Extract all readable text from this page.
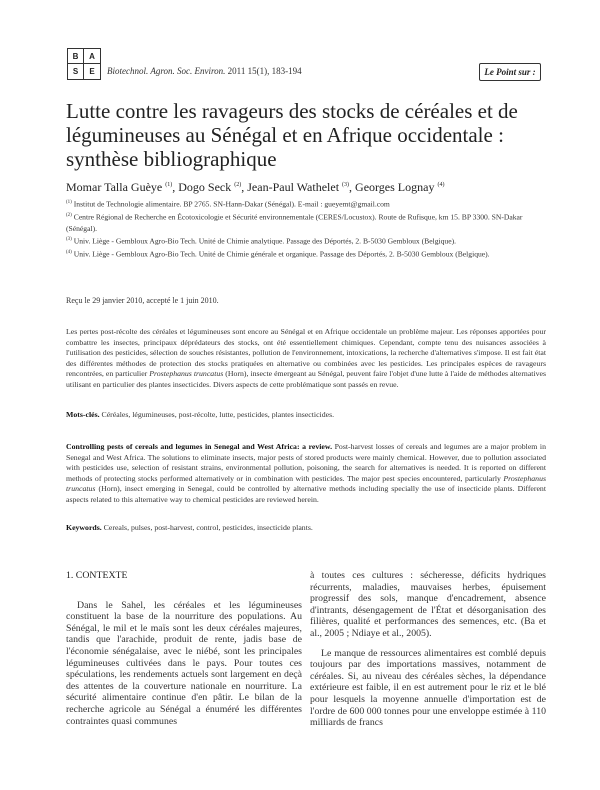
B	A
S	E	Biotechnol. Agron. Soc. Environ. 2011 15(1), 183-194	Le Point sur :
Lutte contre les ravageurs des stocks de céréales et de légumineuses au Sénégal et en Afrique occidentale : synthèse bibliographique
Momar Talla Guèye $^{(1)}$, Dogo Seck $^{(2)}$, Jean-Paul Wathelet $^{(3)}$, Georges Lognay $^{(4)}$

$^{(1)}$ Institut de Technologie alimentaire. BP 2765. SN-Hann-Dakar (Sénégal). E-mail : gueyemt@gmail.com

$^{(2)}$ Centre Régional de Recherche en Écotoxicologie et Sécurité environnementale (CERES/Locustox). Route de Rufisque, km 15. BP 3300. SN-Dakar (Sénégal).

$^{(3)}$ Univ. Liège - Gembloux Agro-Bio Tech. Unité de Chimie analytique. Passage des Déportés, 2. B-5030 Gembloux (Belgique).

$^{(4)}$ Univ. Liège - Gembloux Agro-Bio Tech. Unité de Chimie générale et organique. Passage des Déportés, 2. B-5030 Gembloux (Belgique).

Reçu le 29 janvier 2010, accepté le 1 juin 2010.

Les pertes post-récolte des céréales et légumineuses sont encore au Sénégal et en Afrique occidentale un problème majeur. Les réponses apportées pour combattre les insectes, principaux déprédateurs des stocks, ont été essentiellement chimiques. Cependant, compte tenu des nuisances associées à l'utilisation des pesticides, sélection de souches résistantes, pollution de l'environnement, intoxications, la recherche d'alternatives s'impose. Il est fait état des différentes méthodes de protection des stocks pratiquées en alternative ou combinées avec les pesticides. Les principales espèces de ravageurs rencontrées, en particulier Prostephanus truncatus (Horn), insecte émergeant au Sénégal, peuvent faire l'objet d'une lutte à l'aide de méthodes alternatives utilisant en particulier des plantes insecticides. Divers aspects de cette problématique sont passés en revue.

Mots-clés. Céréales, légumineuses, post-récolte, lutte, pesticides, plantes insecticides.

Controlling pests of cereals and legumes in Senegal and West Africa: a review. Post-harvest losses of cereals and legumes are a major problem in Senegal and West Africa. The solutions to eliminate insects, major pests of stored products were mainly chemical. However, due to pollution associated with pesticides use, selection of resistant strains, environmental pollution, poisoning, the search for alternatives is needed. It is reported on different methods of protecting stocks performed alternatively or in combination with pesticides. The major pest species encountered, particularly Prostephanus truncatus (Horn), insect emerging in Senegal, could be controlled by alternative methods including specially the use of insecticide plants. Different aspects related to this alternative way to chemical pesticides are reviewed herein.

Keywords. Cereals, pulses, post-harvest, control, pesticides, insecticide plants.

1. CONTEXTE

Dans le Sahel, les céréales et les légumineuses constituent la base de la nourriture des populations. Au Sénégal, le mil et le maïs sont les deux céréales majeures, tandis que l'arachide, produit de rente, jadis base de l'économie sénégalaise, avec le niébé, sont les principales légumineuses cultivées dans le pays. Pour toutes ces spéculations, les rendements actuels sont largement en deçà des attentes de la couverture nationale en nourriture. La sécurité alimentaire continue d'en pâtir. Le bilan de la recherche agricole au Sénégal a énuméré les différentes contraintes quasi communes

à toutes ces cultures : sécheresse, déficits hydriques récurrents, maladies, mauvaises herbes, épuisement progressif des sols, manque d'encadrement, absence d'intrants, désengagement de l'État et désorganisation des filières, qualité et performances des semences, etc. (Ba et al., 2005 ; Ndiaye et al., 2005).

Le manque de ressources alimentaires est comblé depuis toujours par des importations massives, notamment de céréales. Si, au niveau des céréales sèches, la dépendance extérieure est faible, il en est autrement pour le riz et le blé pour lesquels la moyenne annuelle d'importation est de l'ordre de 600 000 tonnes pour une enveloppe estimée à 110 milliards de francs
